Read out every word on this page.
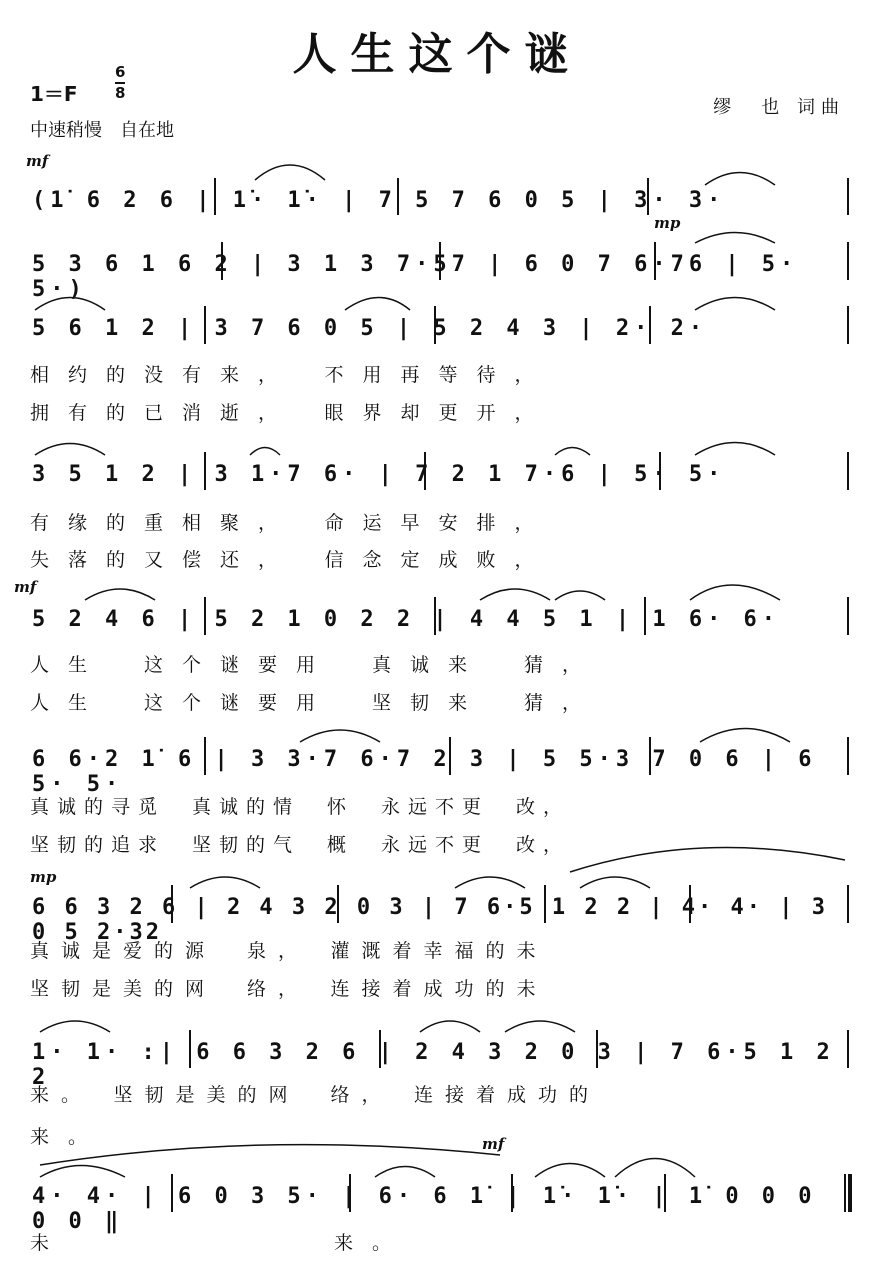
人生这个谜
1＝F
6
8
中速稍慢　自在地
缪　也 词曲
mf
mp
mf
mp
mf
(1̇ 6 2 6 | 1̇· 1̇· | 7 5 7 6 0 5 | 3· 3·
5 3 6 1 6 2 | 3 1 3 7·57 | 6 0 7 6·76 | 5· 5·)
5 6 1 2 | 3 7 6 0 5 | 5 2 4 3 | 2· 2·
相约的没有来，　不用再等待，
拥有的已消逝，　眼界却更开，
3 5 1 2 | 3 1·7 6· | 7 2 1 7·6 | 5· 5·
有缘的重相聚，　命运早安排，
失落的又偿还，　信念定成败，
5 2 4 6 | 5 2 1 0 2 2 | 4 4 5 1 | 1 6· 6·
人生　这个谜要用　真诚来　猜，
人生　这个谜要用　坚韧来　猜，
6 6·2 1̇ 6 | 3 3·7 6·7 2 3 | 5 5·3 7 0 6 | 6 5· 5·
真诚的寻觅　真诚的情　怀　永远不更　改，
坚韧的追求　坚韧的气　概　永远不更　改，
6 6 3 2 6 | 2 4 3 2 0 3 | 7 6·5 1 2 2 | 4· 4· | 3 0 5 2·32
真诚是爱的源　泉，　灌溉着幸福的未
坚韧是美的网　络，　连接着成功的未
1· 1· :| 6 6 3 2 6 | 2 4 3 2 0 3 | 7 6·5 1 2 2
来。　坚韧是美的网　络，　连接着成功的
来。
4· 4· | 6 0 3 5· | 6· 6 1̇ | 1̇· 1̇· | 1̇ 0 0 0 0 0 ‖
未　　　　　　　来。
